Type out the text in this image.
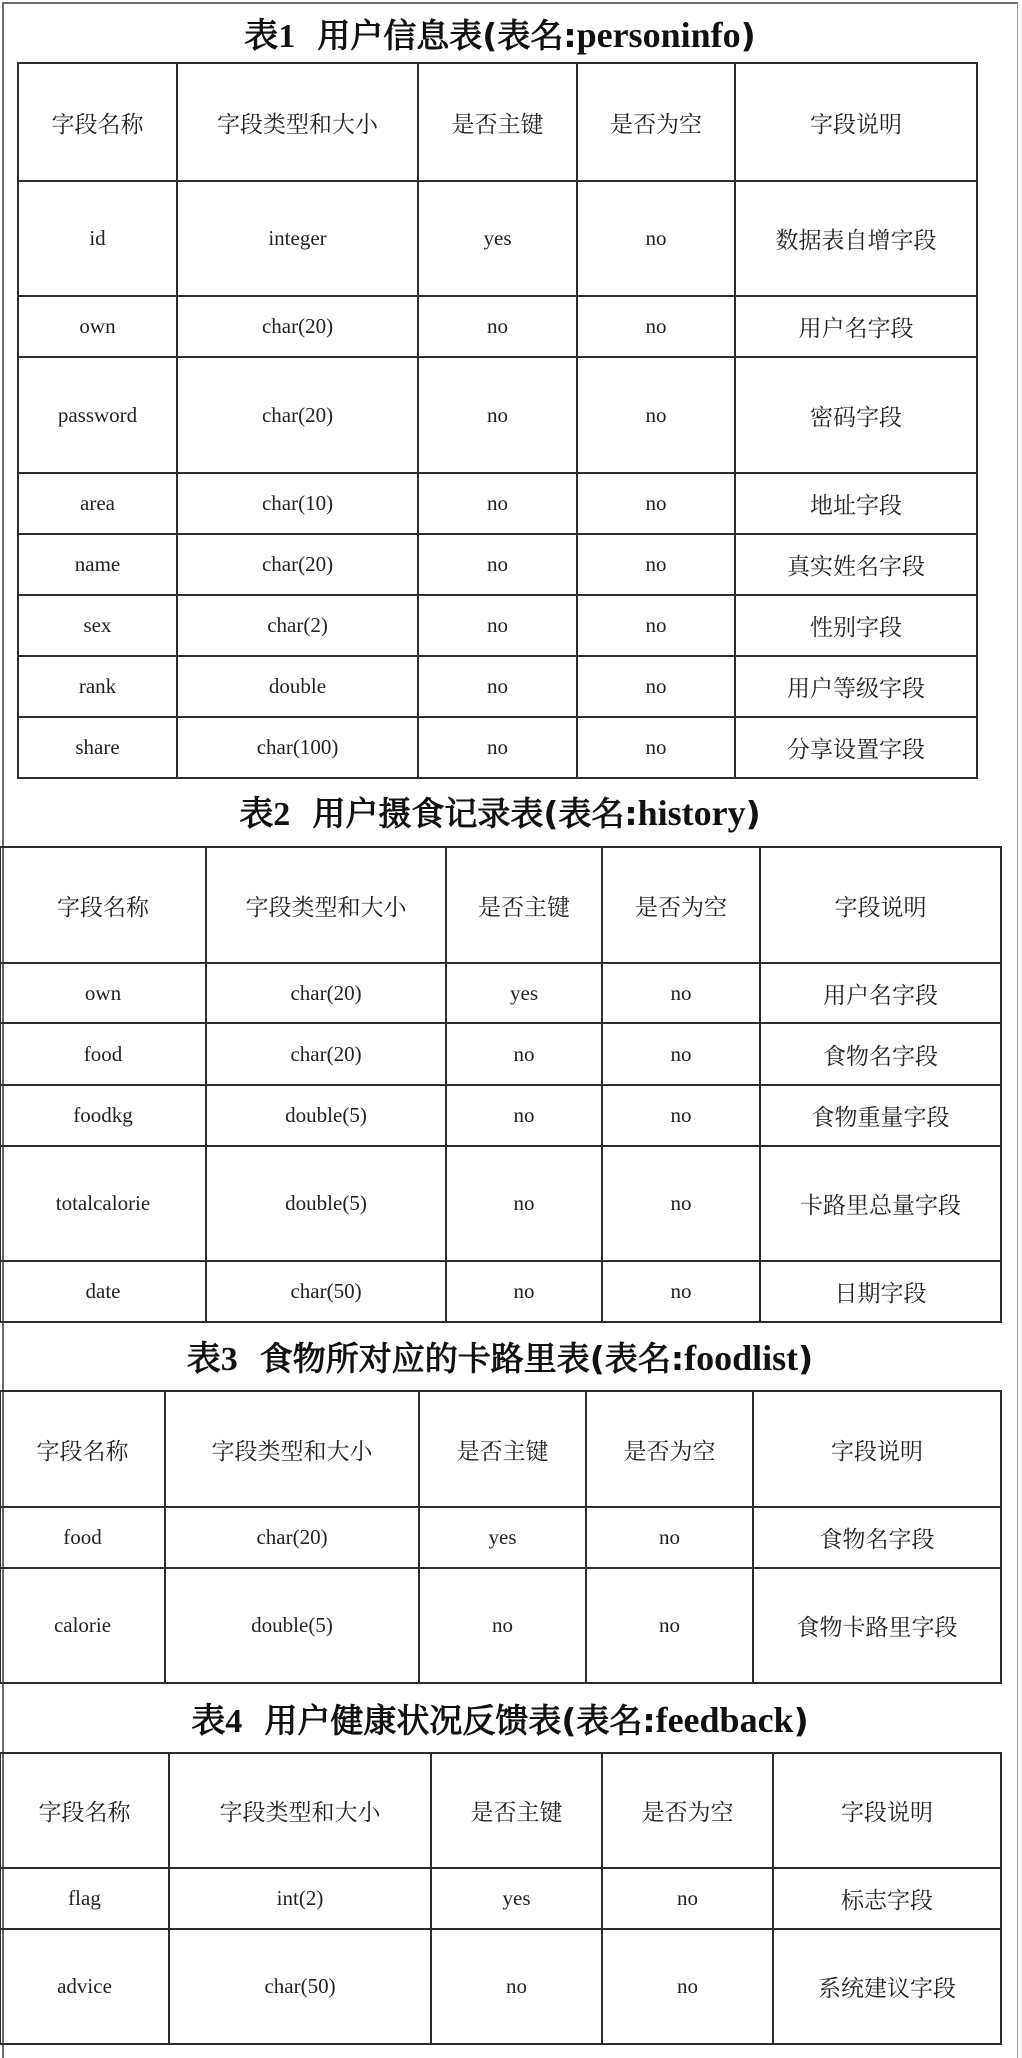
表1 用户信息表(表名:personinfo)
字段名称	字段类型和大小	是否主键	是否为空	字段说明
id	integer	yes	no	数据表自增字段
own	char(20)	no	no	用户名字段
password	char(20)	no	no	密码字段
area	char(10)	no	no	地址字段
name	char(20)	no	no	真实姓名字段
sex	char(2)	no	no	性别字段
rank	double	no	no	用户等级字段
share	char(100)	no	no	分享设置字段
表2 用户摄食记录表(表名:history)
字段名称	字段类型和大小	是否主键	是否为空	字段说明
own	char(20)	yes	no	用户名字段
food	char(20)	no	no	食物名字段
foodkg	double(5)	no	no	食物重量字段
totalcalorie	double(5)	no	no	卡路里总量字段
date	char(50)	no	no	日期字段
表3 食物所对应的卡路里表(表名:foodlist)
字段名称	字段类型和大小	是否主键	是否为空	字段说明
food	char(20)	yes	no	食物名字段
calorie	double(5)	no	no	食物卡路里字段
表4 用户健康状况反馈表(表名:feedback)
字段名称	字段类型和大小	是否主键	是否为空	字段说明
flag	int(2)	yes	no	标志字段
advice	char(50)	no	no	系统建议字段
